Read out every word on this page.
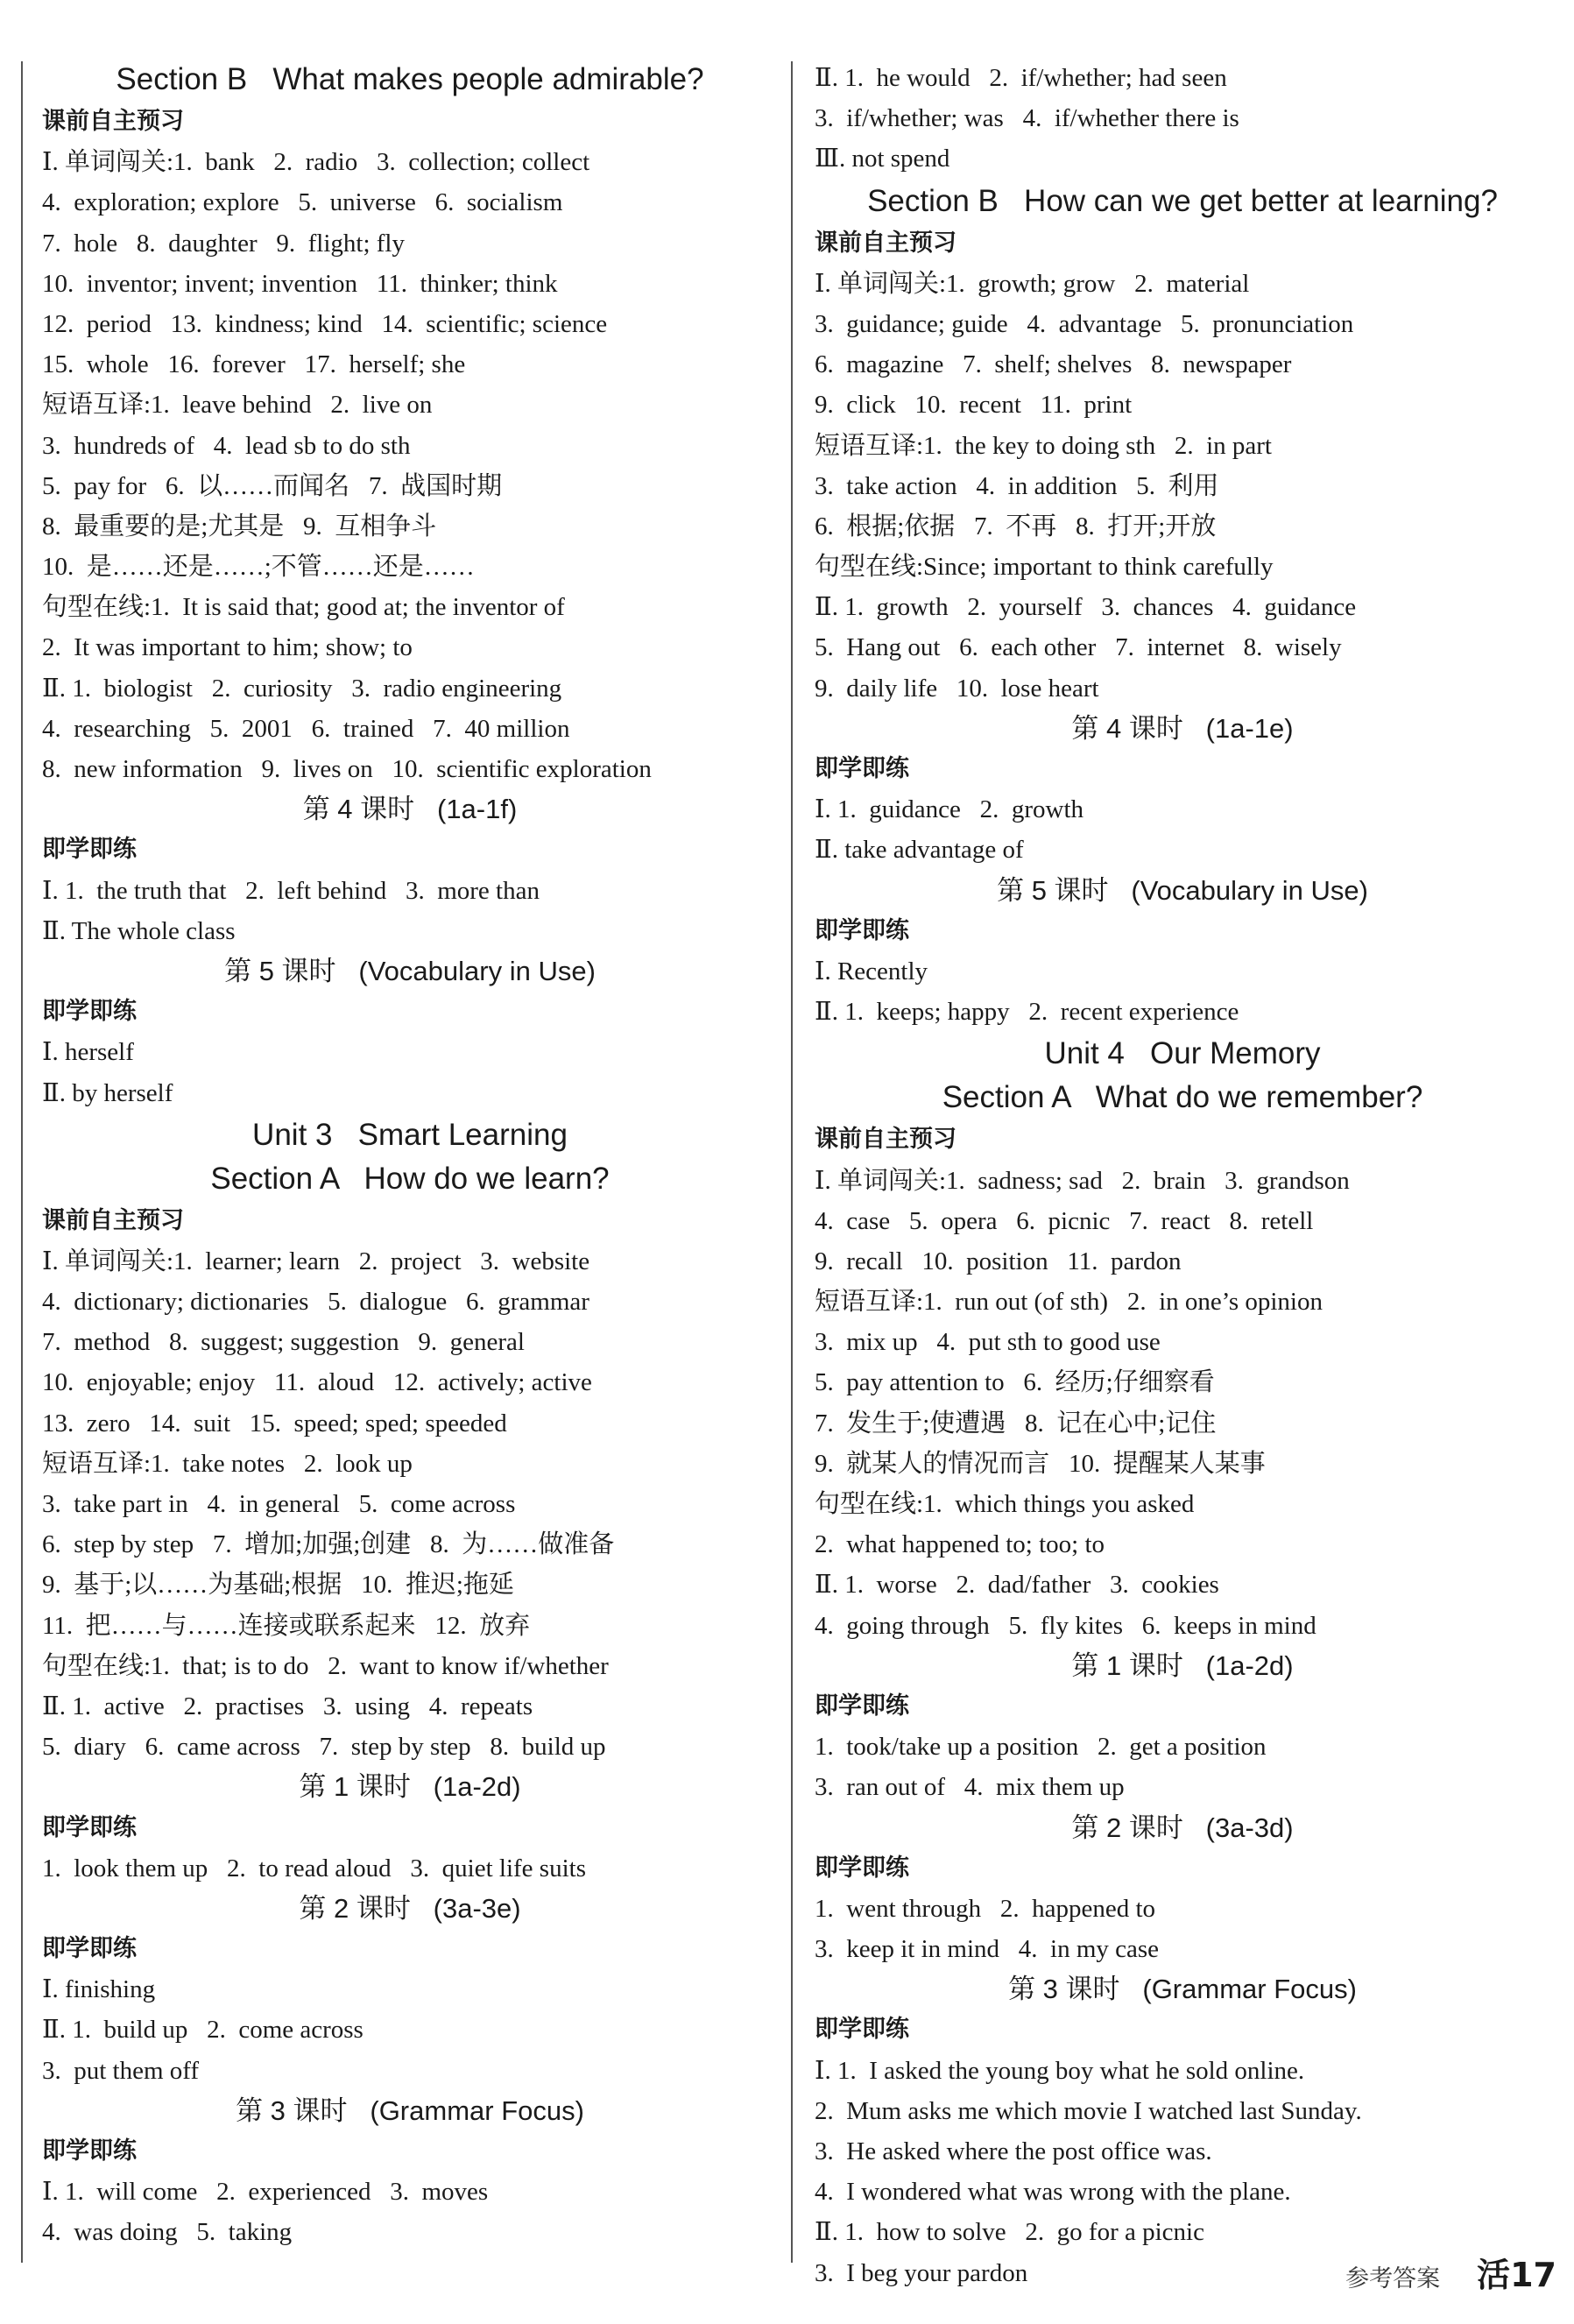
Section B   What makes people admirable?
课前自主预习
Ⅰ. 单词闯关:1.  bank   2.  radio   3.  collection; collect
4.  exploration; explore   5.  universe   6.  socialism
7.  hole   8.  daughter   9.  flight; fly
10.  inventor; invent; invention   11.  thinker; think
12.  period   13.  kindness; kind   14.  scientific; science
15.  whole   16.  forever   17.  herself; she
短语互译:1.  leave behind   2.  live on
3.  hundreds of   4.  lead sb to do sth
5.  pay for   6.  以……而闻名   7.  战国时期
8.  最重要的是;尤其是   9.  互相争斗
10.  是……还是……;不管……还是……
句型在线:1.  It is said that; good at; the inventor of
2.  It was important to him; show; to
Ⅱ. 1.  biologist   2.  curiosity   3.  radio engineering
4.  researching   5.  2001   6.  trained   7.  40 million
8.  new information   9.  lives on   10.  scientific exploration
第 4 课时   (1a-1f)
即学即练
Ⅰ. 1.  the truth that   2.  left behind   3.  more than
Ⅱ. The whole class
第 5 课时   (Vocabulary in Use)
即学即练
Ⅰ. herself
Ⅱ. by herself
Unit 3   Smart Learning
Section A   How do we learn?
课前自主预习
Ⅰ. 单词闯关:1.  learner; learn   2.  project   3.  website
4.  dictionary; dictionaries   5.  dialogue   6.  grammar
7.  method   8.  suggest; suggestion   9.  general
10.  enjoyable; enjoy   11.  aloud   12.  actively; active
13.  zero   14.  suit   15.  speed; sped; speeded
短语互译:1.  take notes   2.  look up
3.  take part in   4.  in general   5.  come across
6.  step by step   7.  增加;加强;创建   8.  为……做准备
9.  基于;以……为基础;根据   10.  推迟;拖延
11.  把……与……连接或联系起来   12.  放弃
句型在线:1.  that; is to do   2.  want to know if/whether
Ⅱ. 1.  active   2.  practises   3.  using   4.  repeats
5.  diary   6.  came across   7.  step by step   8.  build up
第 1 课时   (1a-2d)
即学即练
1.  look them up   2.  to read aloud   3.  quiet life suits
第 2 课时   (3a-3e)
即学即练
Ⅰ. finishing
Ⅱ. 1.  build up   2.  come across
3.  put them off
第 3 课时   (Grammar Focus)
即学即练
Ⅰ. 1.  will come   2.  experienced   3.  moves
4.  was doing   5.  taking
Ⅱ. 1.  he would   2.  if/whether; had seen
3.  if/whether; was   4.  if/whether there is
Ⅲ. not spend
Section B   How can we get better at learning?
课前自主预习
Ⅰ. 单词闯关:1.  growth; grow   2.  material
3.  guidance; guide   4.  advantage   5.  pronunciation
6.  magazine   7.  shelf; shelves   8.  newspaper
9.  click   10.  recent   11.  print
短语互译:1.  the key to doing sth   2.  in part
3.  take action   4.  in addition   5.  利用
6.  根据;依据   7.  不再   8.  打开;开放
句型在线:Since; important to think carefully
Ⅱ. 1.  growth   2.  yourself   3.  chances   4.  guidance
5.  Hang out   6.  each other   7.  internet   8.  wisely
9.  daily life   10.  lose heart
第 4 课时   (1a-1e)
即学即练
Ⅰ. 1.  guidance   2.  growth
Ⅱ. take advantage of
第 5 课时   (Vocabulary in Use)
即学即练
Ⅰ. Recently
Ⅱ. 1.  keeps; happy   2.  recent experience
Unit 4   Our Memory
Section A   What do we remember?
课前自主预习
Ⅰ. 单词闯关:1.  sadness; sad   2.  brain   3.  grandson
4.  case   5.  opera   6.  picnic   7.  react   8.  retell
9.  recall   10.  position   11.  pardon
短语互译:1.  run out (of sth)   2.  in one’s opinion
3.  mix up   4.  put sth to good use
5.  pay attention to   6.  经历;仔细察看
7.  发生于;使遭遇   8.  记在心中;记住
9.  就某人的情况而言   10.  提醒某人某事
句型在线:1.  which things you asked
2.  what happened to; too; to
Ⅱ. 1.  worse   2.  dad/father   3.  cookies
4.  going through   5.  fly kites   6.  keeps in mind
第 1 课时   (1a-2d)
即学即练
1.  took/take up a position   2.  get a position
3.  ran out of   4.  mix them up
第 2 课时   (3a-3d)
即学即练
1.  went through   2.  happened to
3.  keep it in mind   4.  in my case
第 3 课时   (Grammar Focus)
即学即练
Ⅰ. 1.  I asked the young boy what he sold online.
2.  Mum asks me which movie I watched last Sunday.
3.  He asked where the post office was.
4.  I wondered what was wrong with the plane.
Ⅱ. 1.  how to solve   2.  go for a picnic
3.  I beg your pardon	参考答案 活17
